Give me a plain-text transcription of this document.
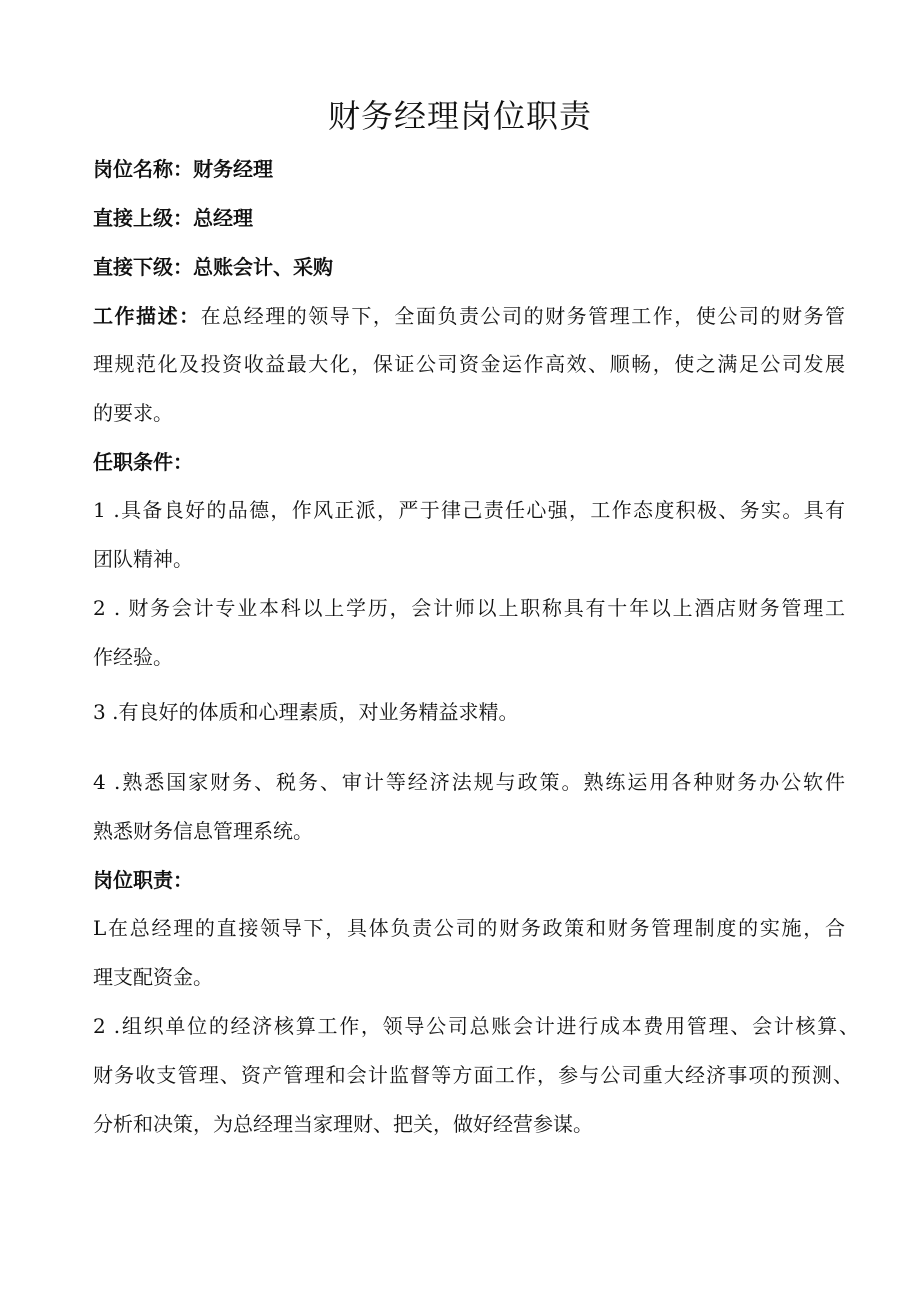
财务经理岗位职责
岗位名称：财务经理
直接上级：总经理
直接下级：总账会计、采购
工作描述：在总经理的领导下，全面负责公司的财务管理工作，使公司的财务管
理规范化及投资收益最大化，保证公司资金运作高效、顺畅，使之满足公司发展
的要求。
任职条件：
1 .具备良好的品德，作风正派，严于律己责任心强，工作态度积极、务实。具有
团队精神。
2 . 财务会计专业本科以上学历，会计师以上职称具有十年以上酒店财务管理工
作经验。
3 .有良好的体质和心理素质，对业务精益求精。
4 .熟悉国家财务、税务、审计等经济法规与政策。熟练运用各种财务办公软件
熟悉财务信息管理系统。
岗位职责：
L在总经理的直接领导下，具体负责公司的财务政策和财务管理制度的实施，合
理支配资金。
2 .组织单位的经济核算工作，领导公司总账会计进行成本费用管理、会计核算、
财务收支管理、资产管理和会计监督等方面工作，参与公司重大经济事项的预测、
分析和决策，为总经理当家理财、把关，做好经营参谋。
